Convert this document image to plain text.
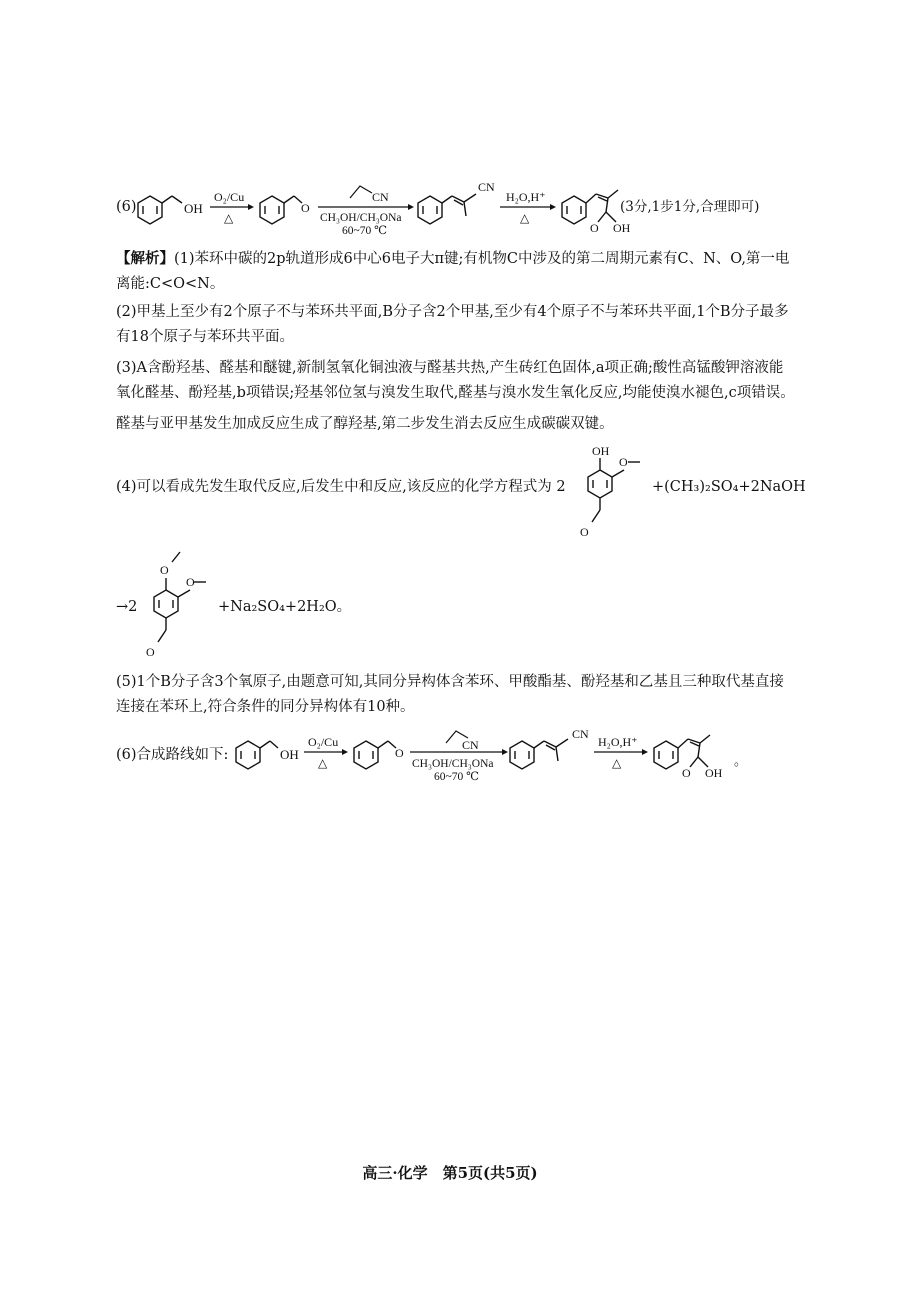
(6)	OH
O₂/Cu
△
O
CN
CH₃OH/CH₃ONa
60~70 ℃
CN
H₂O,H⁺
△
O OH
(3分,1步1分,合理即可)
【解析】(1)苯环中碳的2p轨道形成6中心6电子大π键;有机物C中涉及的第二周期元素有C、N、O,第一电离能:C<O<N。
(2)甲基上至少有2个原子不与苯环共平面,B分子含2个甲基,至少有4个原子不与苯环共平面,1个B分子最多有18个原子与苯环共平面。
(3)A含酚羟基、醛基和醚键,新制氢氧化铜浊液与醛基共热,产生砖红色固体,a项正确;酸性高锰酸钾溶液能氧化醛基、酚羟基,b项错误;羟基邻位氢与溴发生取代,醛基与溴水发生氧化反应,均能使溴水褪色,c项错误。
醛基与亚甲基发生加成反应生成了醇羟基,第二步发生消去反应生成碳碳双键。
(4)可以看成先发生取代反应,后发生中和反应,该反应的化学方程式为 2
OH
O
O
O
O
O
+(CH₃)₂SO₄+2NaOH
→2	+Na₂SO₄+2H₂O。
(5)1个B分子含3个氧原子,由题意可知,其同分异构体含苯环、甲酸酯基、酚羟基和乙基且三种取代基直接连接在苯环上,符合条件的同分异构体有10种。
(6)合成路线如下:	OH
O₂/Cu
△
O
CN
CH₃OH/CH₃ONa
60~70 ℃
CN
H₂O,H⁺
△
O OH
。
高三·化学　第5页(共5页)
